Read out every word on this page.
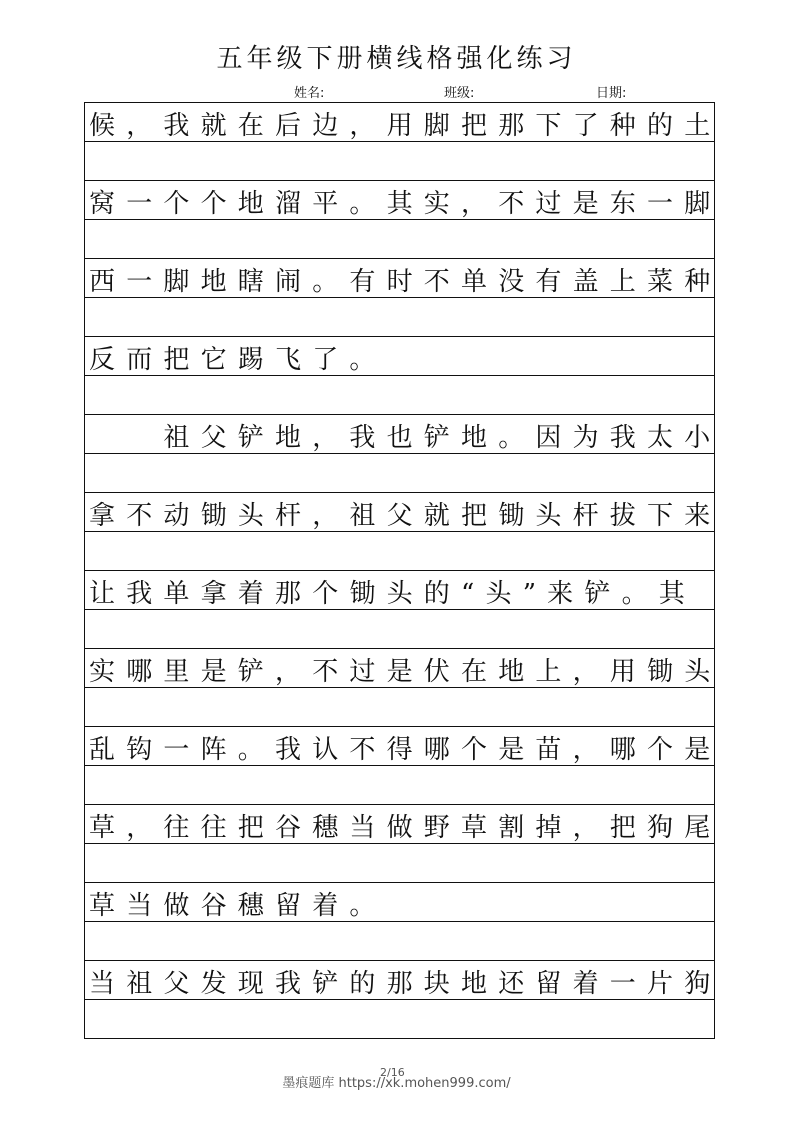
五年级下册横线格强化练习
姓名:	班级:	日期:
候，我就在后边，用脚把那下了种的土
窝一个个地溜平。其实，不过是东一脚
西一脚地瞎闹。有时不单没有盖上菜种
反而把它踢飞了。
　　祖父铲地，我也铲地。因为我太小
拿不动锄头杆，祖父就把锄头杆拔下来
让我单拿着那个锄头的“头”来铲。其
实哪里是铲，不过是伏在地上，用锄头
乱钩一阵。我认不得哪个是苗，哪个是
草，往往把谷穗当做野草割掉，把狗尾
草当做谷穗留着。
当祖父发现我铲的那块地还留着一片狗
2/16
墨痕题库 https://xk.mohen999.com/
